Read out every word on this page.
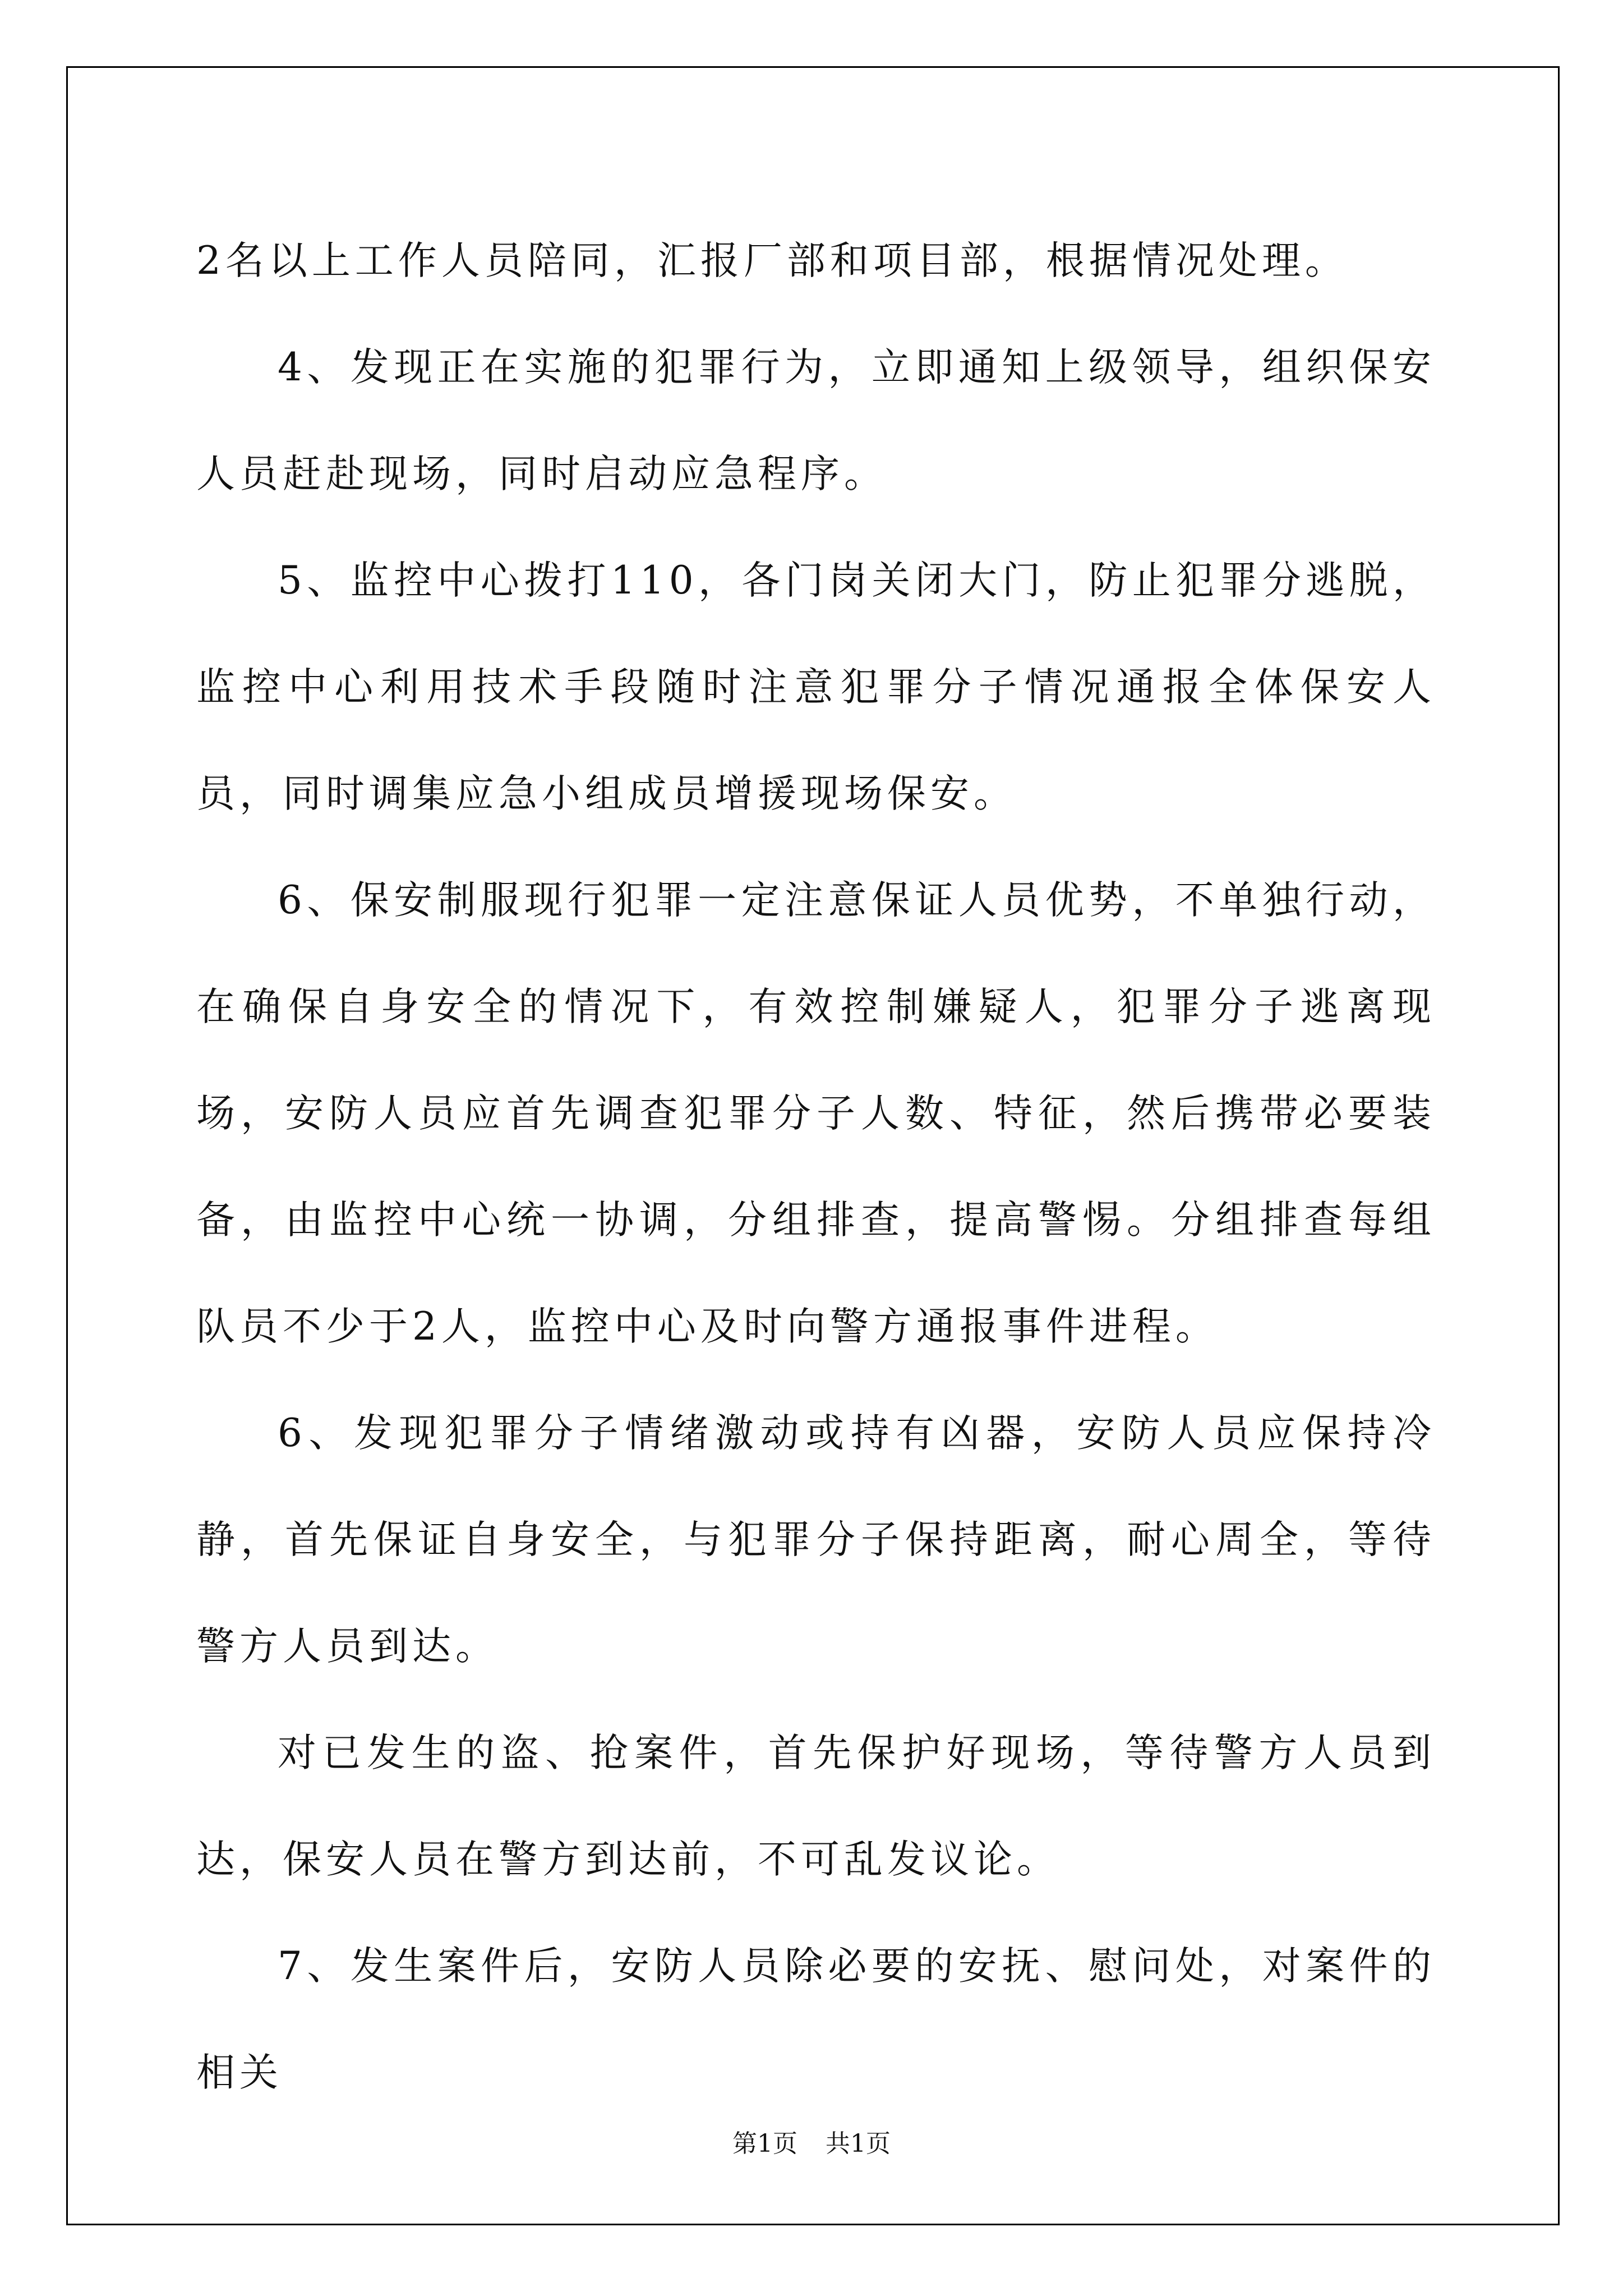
2名以上工作人员陪同，汇报厂部和项目部，根据情况处理。

4、发现正在实施的犯罪行为，立即通知上级领导，组织保安人员赶赴现场，同时启动应急程序。

5、监控中心拨打110，各门岗关闭大门，防止犯罪分逃脱，监控中心利用技术手段随时注意犯罪分子情况通报全体保安人员，同时调集应急小组成员增援现场保安。

6、保安制服现行犯罪一定注意保证人员优势，不单独行动，在确保自身安全的情况下，有效控制嫌疑人，犯罪分子逃离现场，安防人员应首先调查犯罪分子人数、特征，然后携带必要装备，由监控中心统一协调，分组排查，提高警惕。分组排查每组队员不少于2人，监控中心及时向警方通报事件进程。

6、发现犯罪分子情绪激动或持有凶器，安防人员应保持冷静，首先保证自身安全，与犯罪分子保持距离，耐心周全，等待警方人员到达。

对已发生的盗、抢案件，首先保护好现场，等待警方人员到达，保安人员在警方到达前，不可乱发议论。

7、发生案件后，安防人员除必要的安抚、慰问处，对案件的相关

第1页 共1页
